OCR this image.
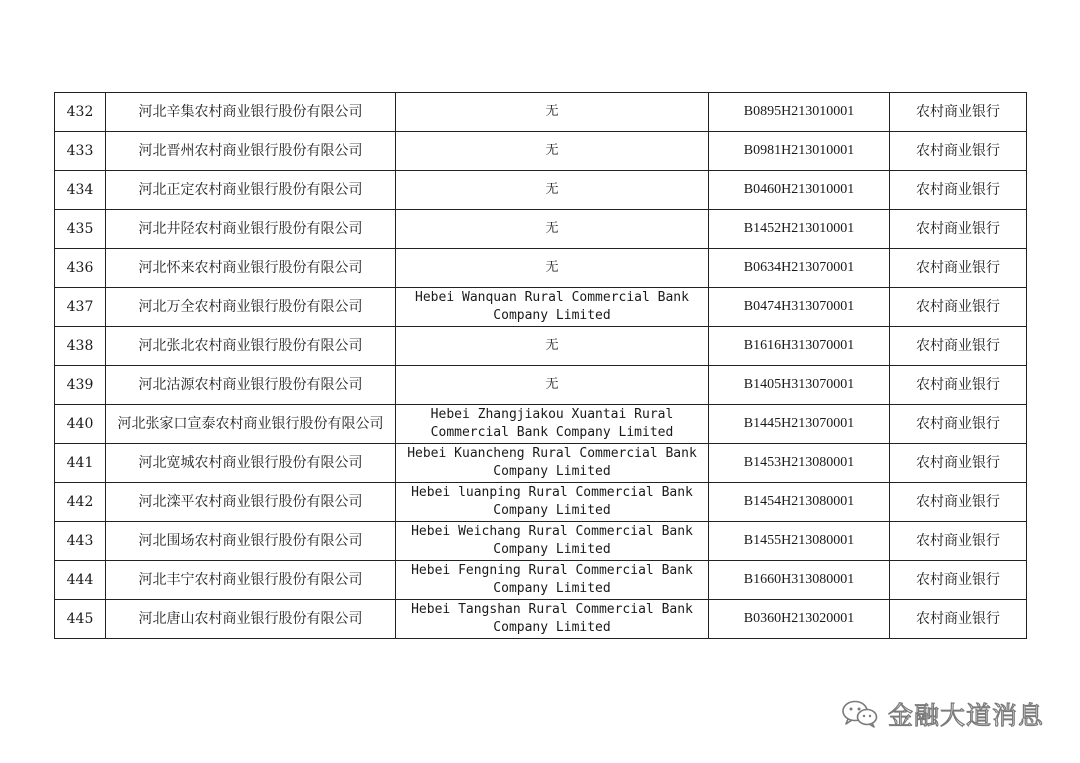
432	河北辛集农村商业银行股份有限公司	无	B0895H213010001	农村商业银行
433	河北晋州农村商业银行股份有限公司	无	B0981H213010001	农村商业银行
434	河北正定农村商业银行股份有限公司	无	B0460H213010001	农村商业银行
435	河北井陉农村商业银行股份有限公司	无	B1452H213010001	农村商业银行
436	河北怀来农村商业银行股份有限公司	无	B0634H213070001	农村商业银行
437	河北万全农村商业银行股份有限公司	Hebei Wanquan Rural Commercial Bank Company Limited	B0474H313070001	农村商业银行
438	河北张北农村商业银行股份有限公司	无	B1616H313070001	农村商业银行
439	河北沽源农村商业银行股份有限公司	无	B1405H313070001	农村商业银行
440	河北张家口宣泰农村商业银行股份有限公司	Hebei Zhangjiakou Xuantai Rural Commercial Bank Company Limited	B1445H213070001	农村商业银行
441	河北宽城农村商业银行股份有限公司	Hebei Kuancheng Rural Commercial Bank Company Limited	B1453H213080001	农村商业银行
442	河北滦平农村商业银行股份有限公司	Hebei luanping Rural Commercial Bank Company Limited	B1454H213080001	农村商业银行
443	河北围场农村商业银行股份有限公司	Hebei Weichang Rural Commercial Bank Company Limited	B1455H213080001	农村商业银行
444	河北丰宁农村商业银行股份有限公司	Hebei Fengning Rural Commercial Bank Company Limited	B1660H313080001	农村商业银行
445	河北唐山农村商业银行股份有限公司	Hebei Tangshan Rural Commercial Bank Company Limited	B0360H213020001	农村商业银行
金融大道消息
